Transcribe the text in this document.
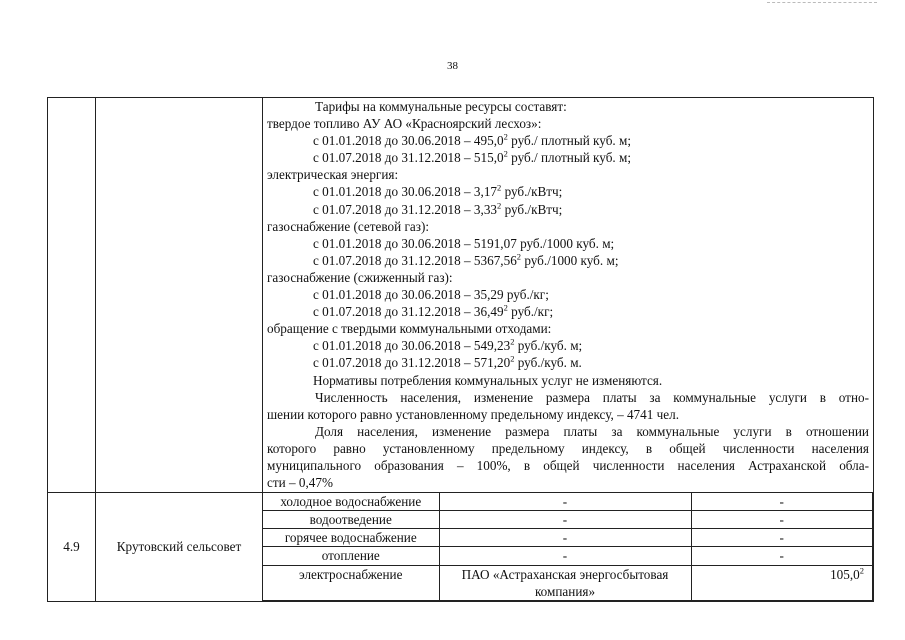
38

Тарифы на коммунальные ресурсы составят:
твердое топливо АУ АО «Красноярский лесхоз»:
с 01.01.2018 до 30.06.2018 – 495,0$^2$ руб./ плотный куб. м;
с 01.07.2018 до 31.12.2018 – 515,0$^2$ руб./ плотный куб. м;
электрическая энергия:
с 01.01.2018 до 30.06.2018 – 3,17$^2$ руб./кВтч;
с 01.07.2018 до 31.12.2018 – 3,33$^2$ руб./кВтч;
газоснабжение (сетевой газ):
с 01.01.2018 до 30.06.2018 – 5191,07 руб./1000 куб. м;
с 01.07.2018 до 31.12.2018 – 5367,56$^2$ руб./1000 куб. м;
газоснабжение (сжиженный газ):
с 01.01.2018 до 30.06.2018 – 35,29 руб./кг;
с 01.07.2018 до 31.12.2018 – 36,49$^2$ руб./кг;
обращение с твердыми коммунальными отходами:
с 01.01.2018 до 30.06.2018 – 549,23$^2$ руб./куб. м;
с 01.07.2018 до 31.12.2018 – 571,20$^2$ руб./куб. м.
Нормативы потребления коммунальных услуг не изменяются.
Численность населения, изменение размера платы за коммунальные услуги в отно-
шении которого равно установленному предельному индексу, – 4741 чел.
Доля населения, изменение размера платы за коммунальные услуги в отношении
которого равно установленному предельному индексу, в общей численности населения
муниципального образования – 100%, в общей численности населения Астраханской обла-
сти – 0,47%

4.9	Крутовский сельсовет	
холодное водоснабжение	-	-
водоотведение	-	-
горячее водоснабжение	-	-
отопление	-	-
электроснабжение	ПАО «Астраханская энергосбытовая компания»	105,0$^2$
